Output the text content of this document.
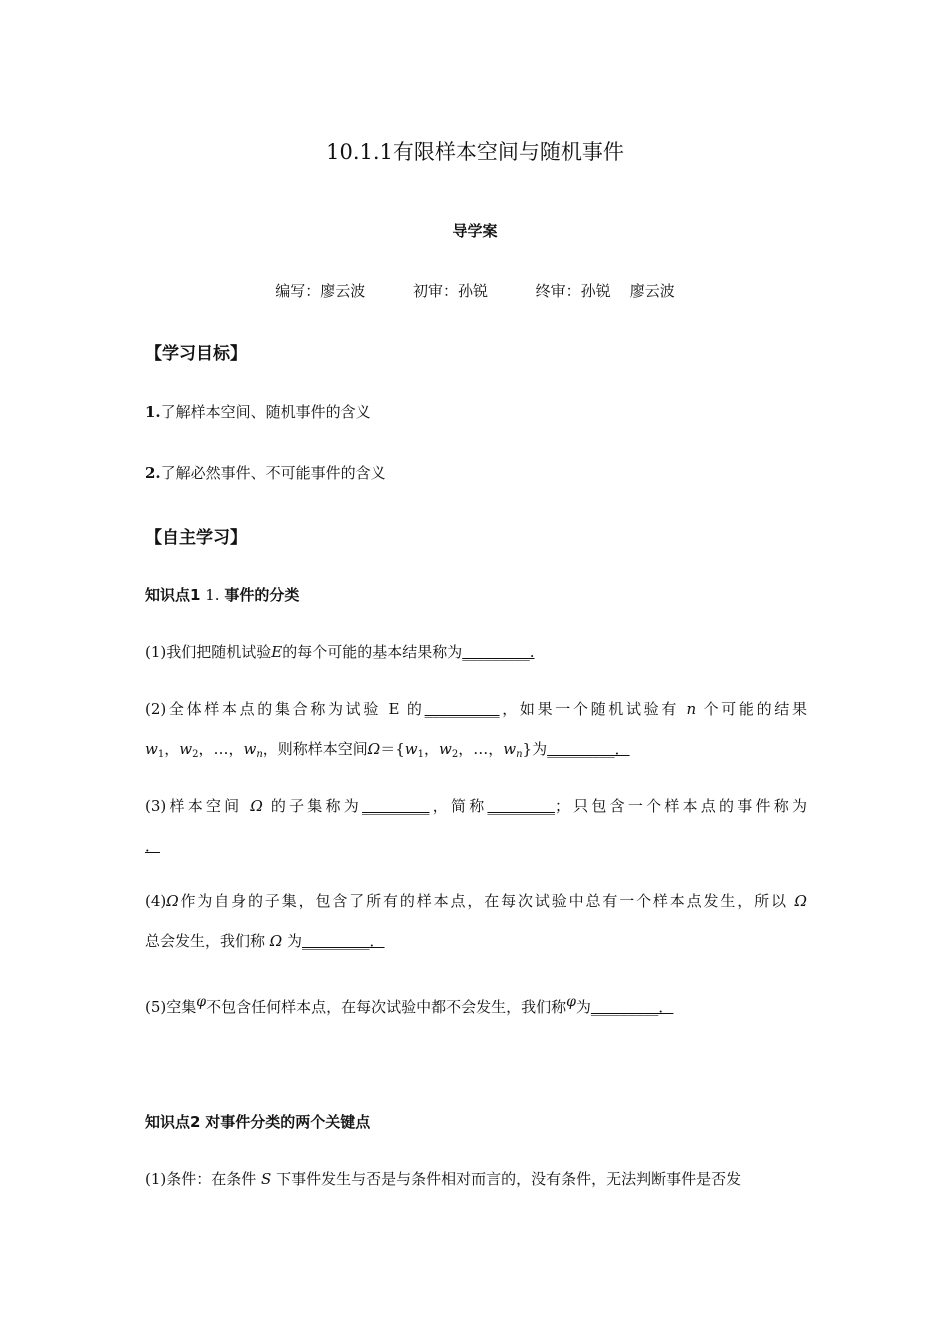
10.1.1有限样本空间与随机事件
导学案
编写：廖云波          初审：孙锐          终审：孙锐    廖云波
【学习目标】
1.了解样本空间、随机事件的含义
2.了解必然事件、不可能事件的含义
【自主学习】
知识点1 1. 事件的分类
(1)我们把随机试验E的每个可能的基本结果称为_________.
(2)全体样本点的集合称为试验 E 的__________，如果一个随机试验有 n 个可能的结果
$w_1$，$w_2$，…，$w_n$，则称样本空间$\Omega=\{w_1$，$w_2$，…，$w_n$}为_________．
(3)样本空间 Ω 的子集称为_________，简称_________；只包含一个样本点的事件称为
．
(4)Ω作为自身的子集，包含了所有的样本点，在每次试验中总有一个样本点发生，所以 Ω
总会发生，我们称 Ω 为_________．
(5)空集φ不包含任何样本点，在每次试验中都不会发生，我们称φ为_________．
知识点2 对事件分类的两个关键点
(1)条件：在条件 S 下事件发生与否是与条件相对而言的，没有条件，无法判断事件是否发
